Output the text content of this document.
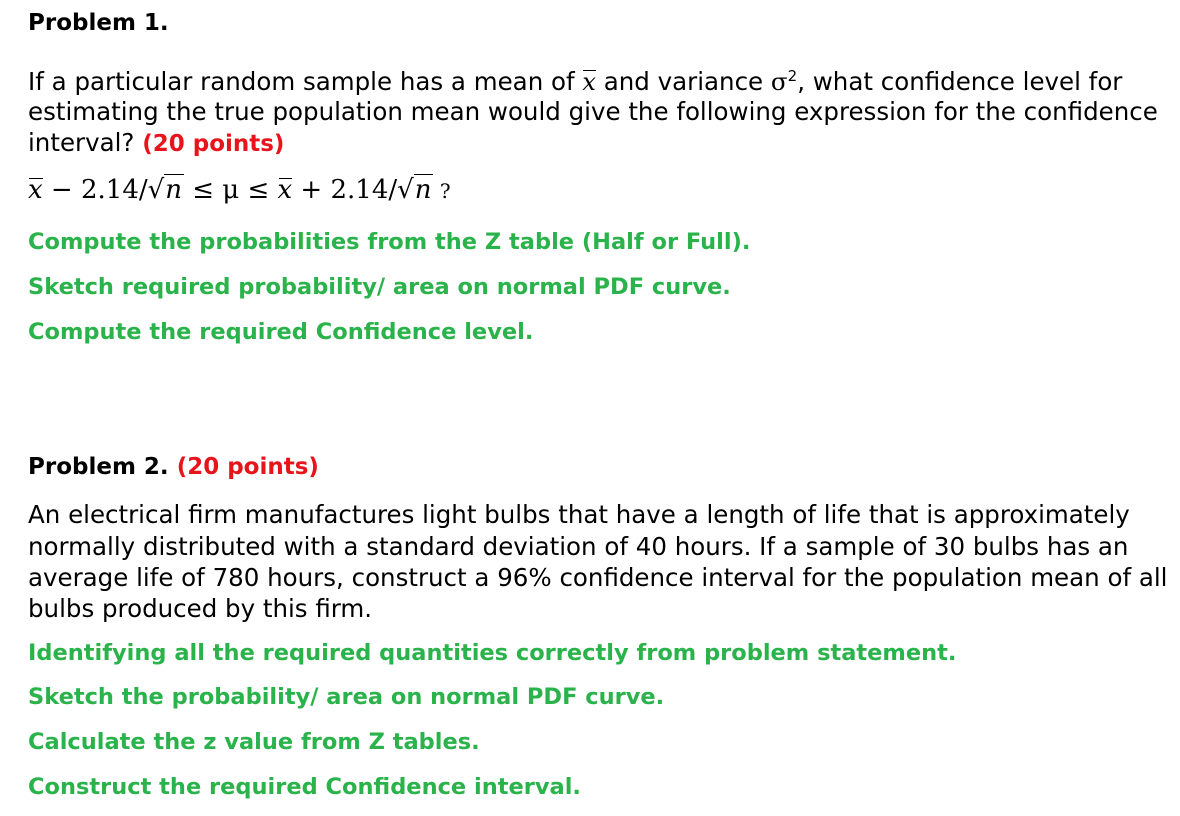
Problem 1.
If a particular random sample has a mean of x and variance $\sigma^2$, what confidence level for
estimating the true population mean would give the following expression for the confidence
interval? (20 points)
x − 2.14/√n ≤ μ ≤ x + 2.14/√n ?
Compute the probabilities from the Z table (Half or Full).
Sketch required probability/ area on normal PDF curve.
Compute the required Confidence level.
Problem 2. (20 points)
An electrical firm manufactures light bulbs that have a length of life that is approximately
normally distributed with a standard deviation of 40 hours. If a sample of 30 bulbs has an
average life of 780 hours, construct a 96% confidence interval for the population mean of all
bulbs produced by this firm.
Identifying all the required quantities correctly from problem statement.
Sketch the probability/ area on normal PDF curve.
Calculate the z value from Z tables.
Construct the required Confidence interval.
